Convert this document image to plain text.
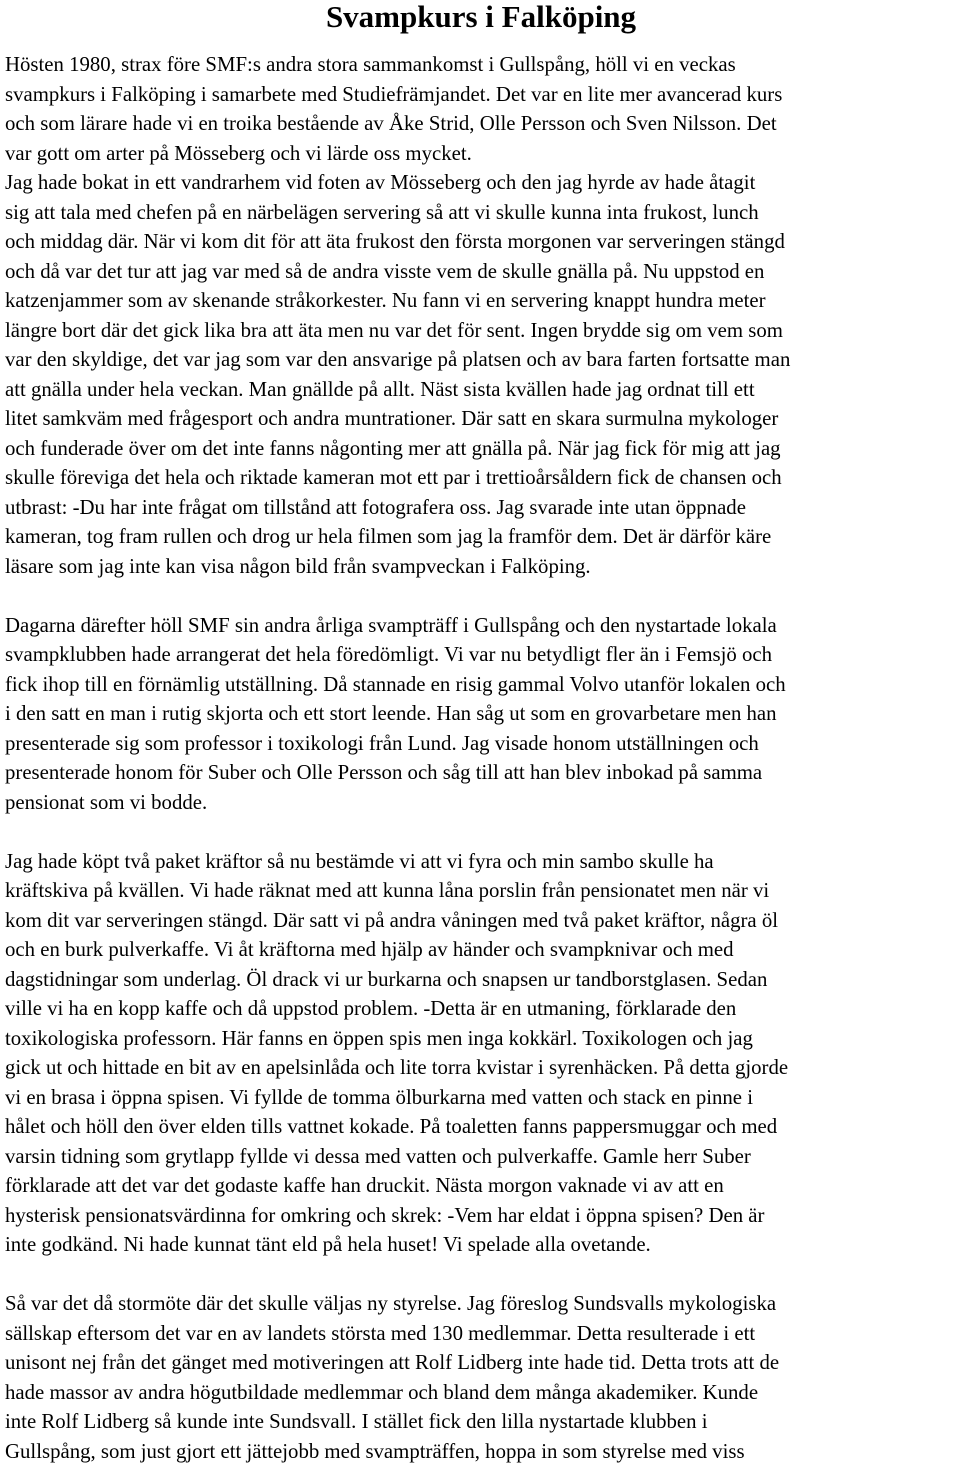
Svampkurs i Falköping
Hösten 1980, strax före SMF:s andra stora sammankomst i Gullspång, höll vi en veckas
svampkurs i Falköping i samarbete med Studiefrämjandet. Det var en lite mer avancerad kurs
och som lärare hade vi en troika bestående av Åke Strid, Olle Persson och Sven Nilsson. Det
var gott om arter på Mösseberg och vi lärde oss mycket.
Jag hade bokat in ett vandrarhem vid foten av Mösseberg och den jag hyrde av hade åtagit
sig att tala med chefen på en närbelägen servering så att vi skulle kunna inta frukost, lunch
och middag där. När vi kom dit för att äta frukost den första morgonen var serveringen stängd
och då var det tur att jag var med så de andra visste vem de skulle gnälla på. Nu uppstod en
katzenjammer som av skenande stråkorkester. Nu fann vi en servering knappt hundra meter
längre bort där det gick lika bra att äta men nu var det för sent. Ingen brydde sig om vem som
var den skyldige, det var jag som var den ansvarige på platsen och av bara farten fortsatte man
att gnälla under hela veckan. Man gnällde på allt. Näst sista kvällen hade jag ordnat till ett
litet samkväm med frågesport och andra muntrationer. Där satt en skara surmulna mykologer
och funderade över om det inte fanns någonting mer att gnälla på. När jag fick för mig att jag
skulle föreviga det hela och riktade kameran mot ett par i trettioårsåldern fick de chansen och
utbrast: -Du har inte frågat om tillstånd att fotografera oss. Jag svarade inte utan öppnade
kameran, tog fram rullen och drog ur hela filmen som jag la framför dem. Det är därför käre
läsare som jag inte kan visa någon bild från svampveckan i Falköping.
Dagarna därefter höll SMF sin andra årliga svampträff i Gullspång och den nystartade lokala
svampklubben hade arrangerat det hela föredömligt. Vi var nu betydligt fler än i Femsjö och
fick ihop till en förnämlig utställning. Då stannade en risig gammal Volvo utanför lokalen och
i den satt en man i rutig skjorta och ett stort leende. Han såg ut som en grovarbetare men han
presenterade sig som professor i toxikologi från Lund. Jag visade honom utställningen och
presenterade honom för Suber och Olle Persson och såg till att han blev inbokad på samma
pensionat som vi bodde.
Jag hade köpt två paket kräftor så nu bestämde vi att vi fyra och min sambo skulle ha
kräftskiva på kvällen. Vi hade räknat med att kunna låna porslin från pensionatet men när vi
kom dit var serveringen stängd. Där satt vi på andra våningen med två paket kräftor, några öl
och en burk pulverkaffe. Vi åt kräftorna med hjälp av händer och svampknivar och med
dagstidningar som underlag. Öl drack vi ur burkarna och snapsen ur tandborstglasen. Sedan
ville vi ha en kopp kaffe och då uppstod problem. -Detta är en utmaning, förklarade den
toxikologiska professorn. Här fanns en öppen spis men inga kokkärl. Toxikologen och jag
gick ut och hittade en bit av en apelsinlåda och lite torra kvistar i syrenhäcken. På detta gjorde
vi en brasa i öppna spisen. Vi fyllde de tomma ölburkarna med vatten och stack en pinne i
hålet och höll den över elden tills vattnet kokade. På toaletten fanns pappersmuggar och med
varsin tidning som grytlapp fyllde vi dessa med vatten och pulverkaffe. Gamle herr Suber
förklarade att det var det godaste kaffe han druckit. Nästa morgon vaknade vi av att en
hysterisk pensionatsvärdinna for omkring och skrek: -Vem har eldat i öppna spisen? Den är
inte godkänd. Ni hade kunnat tänt eld på hela huset! Vi spelade alla ovetande.
Så var det då stormöte där det skulle väljas ny styrelse. Jag föreslog Sundsvalls mykologiska
sällskap eftersom det var en av landets största med 130 medlemmar. Detta resulterade i ett
unisont nej från det gänget med motiveringen att Rolf Lidberg inte hade tid. Detta trots att de
hade massor av andra högutbildade medlemmar och bland dem många akademiker. Kunde
inte Rolf Lidberg så kunde inte Sundsvall. I stället fick den lilla nystartade klubben i
Gullspång, som just gjort ett jättejobb med svampträffen, hoppa in som styrelse med viss
